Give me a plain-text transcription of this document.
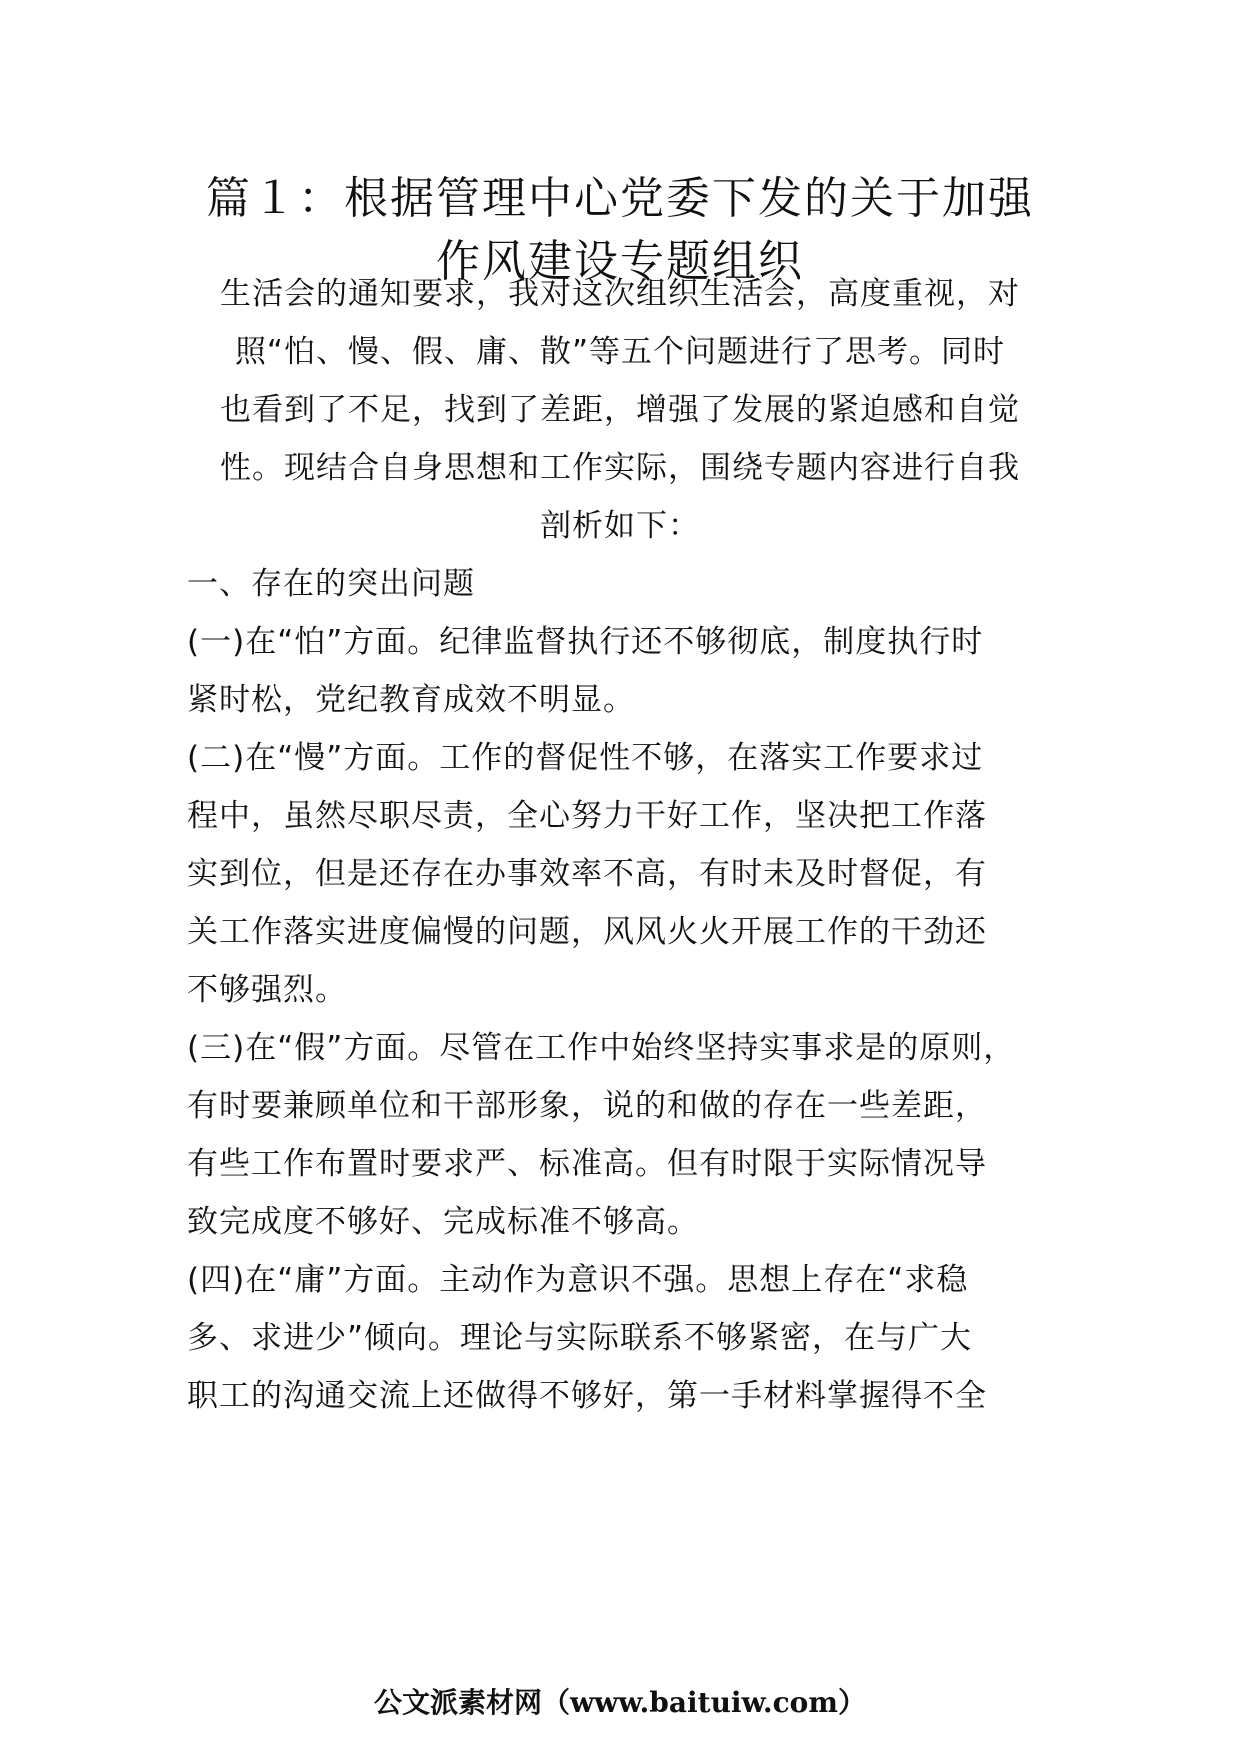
篇１：根据管理中心党委下发的关于加强
作风建设专题组织
生活会的通知要求，我对这次组织生活会，高度重视，对
照“怕、慢、假、庸、散”等五个问题进行了思考。同时
也看到了不足，找到了差距，增强了发展的紧迫感和自觉
性。现结合自身思想和工作实际，围绕专题内容进行自我
剖析如下：
一、存在的突出问题
(一)在“怕”方面。纪律监督执行还不够彻底，制度执行时
紧时松，党纪教育成效不明显。
(二)在“慢”方面。工作的督促性不够，在落实工作要求过
程中，虽然尽职尽责，全心努力干好工作，坚决把工作落
实到位，但是还存在办事效率不高，有时未及时督促，有
关工作落实进度偏慢的问题，风风火火开展工作的干劲还
不够强烈。
(三)在“假”方面。尽管在工作中始终坚持实事求是的原则，
有时要兼顾单位和干部形象，说的和做的存在一些差距，
有些工作布置时要求严、标准高。但有时限于实际情况导
致完成度不够好、完成标准不够高。
(四)在“庸”方面。主动作为意识不强。思想上存在“求稳
多、求进少”倾向。理论与实际联系不够紧密，在与广大
职工的沟通交流上还做得不够好，第一手材料掌握得不全
公文派素材网（www.baituiw.com）
